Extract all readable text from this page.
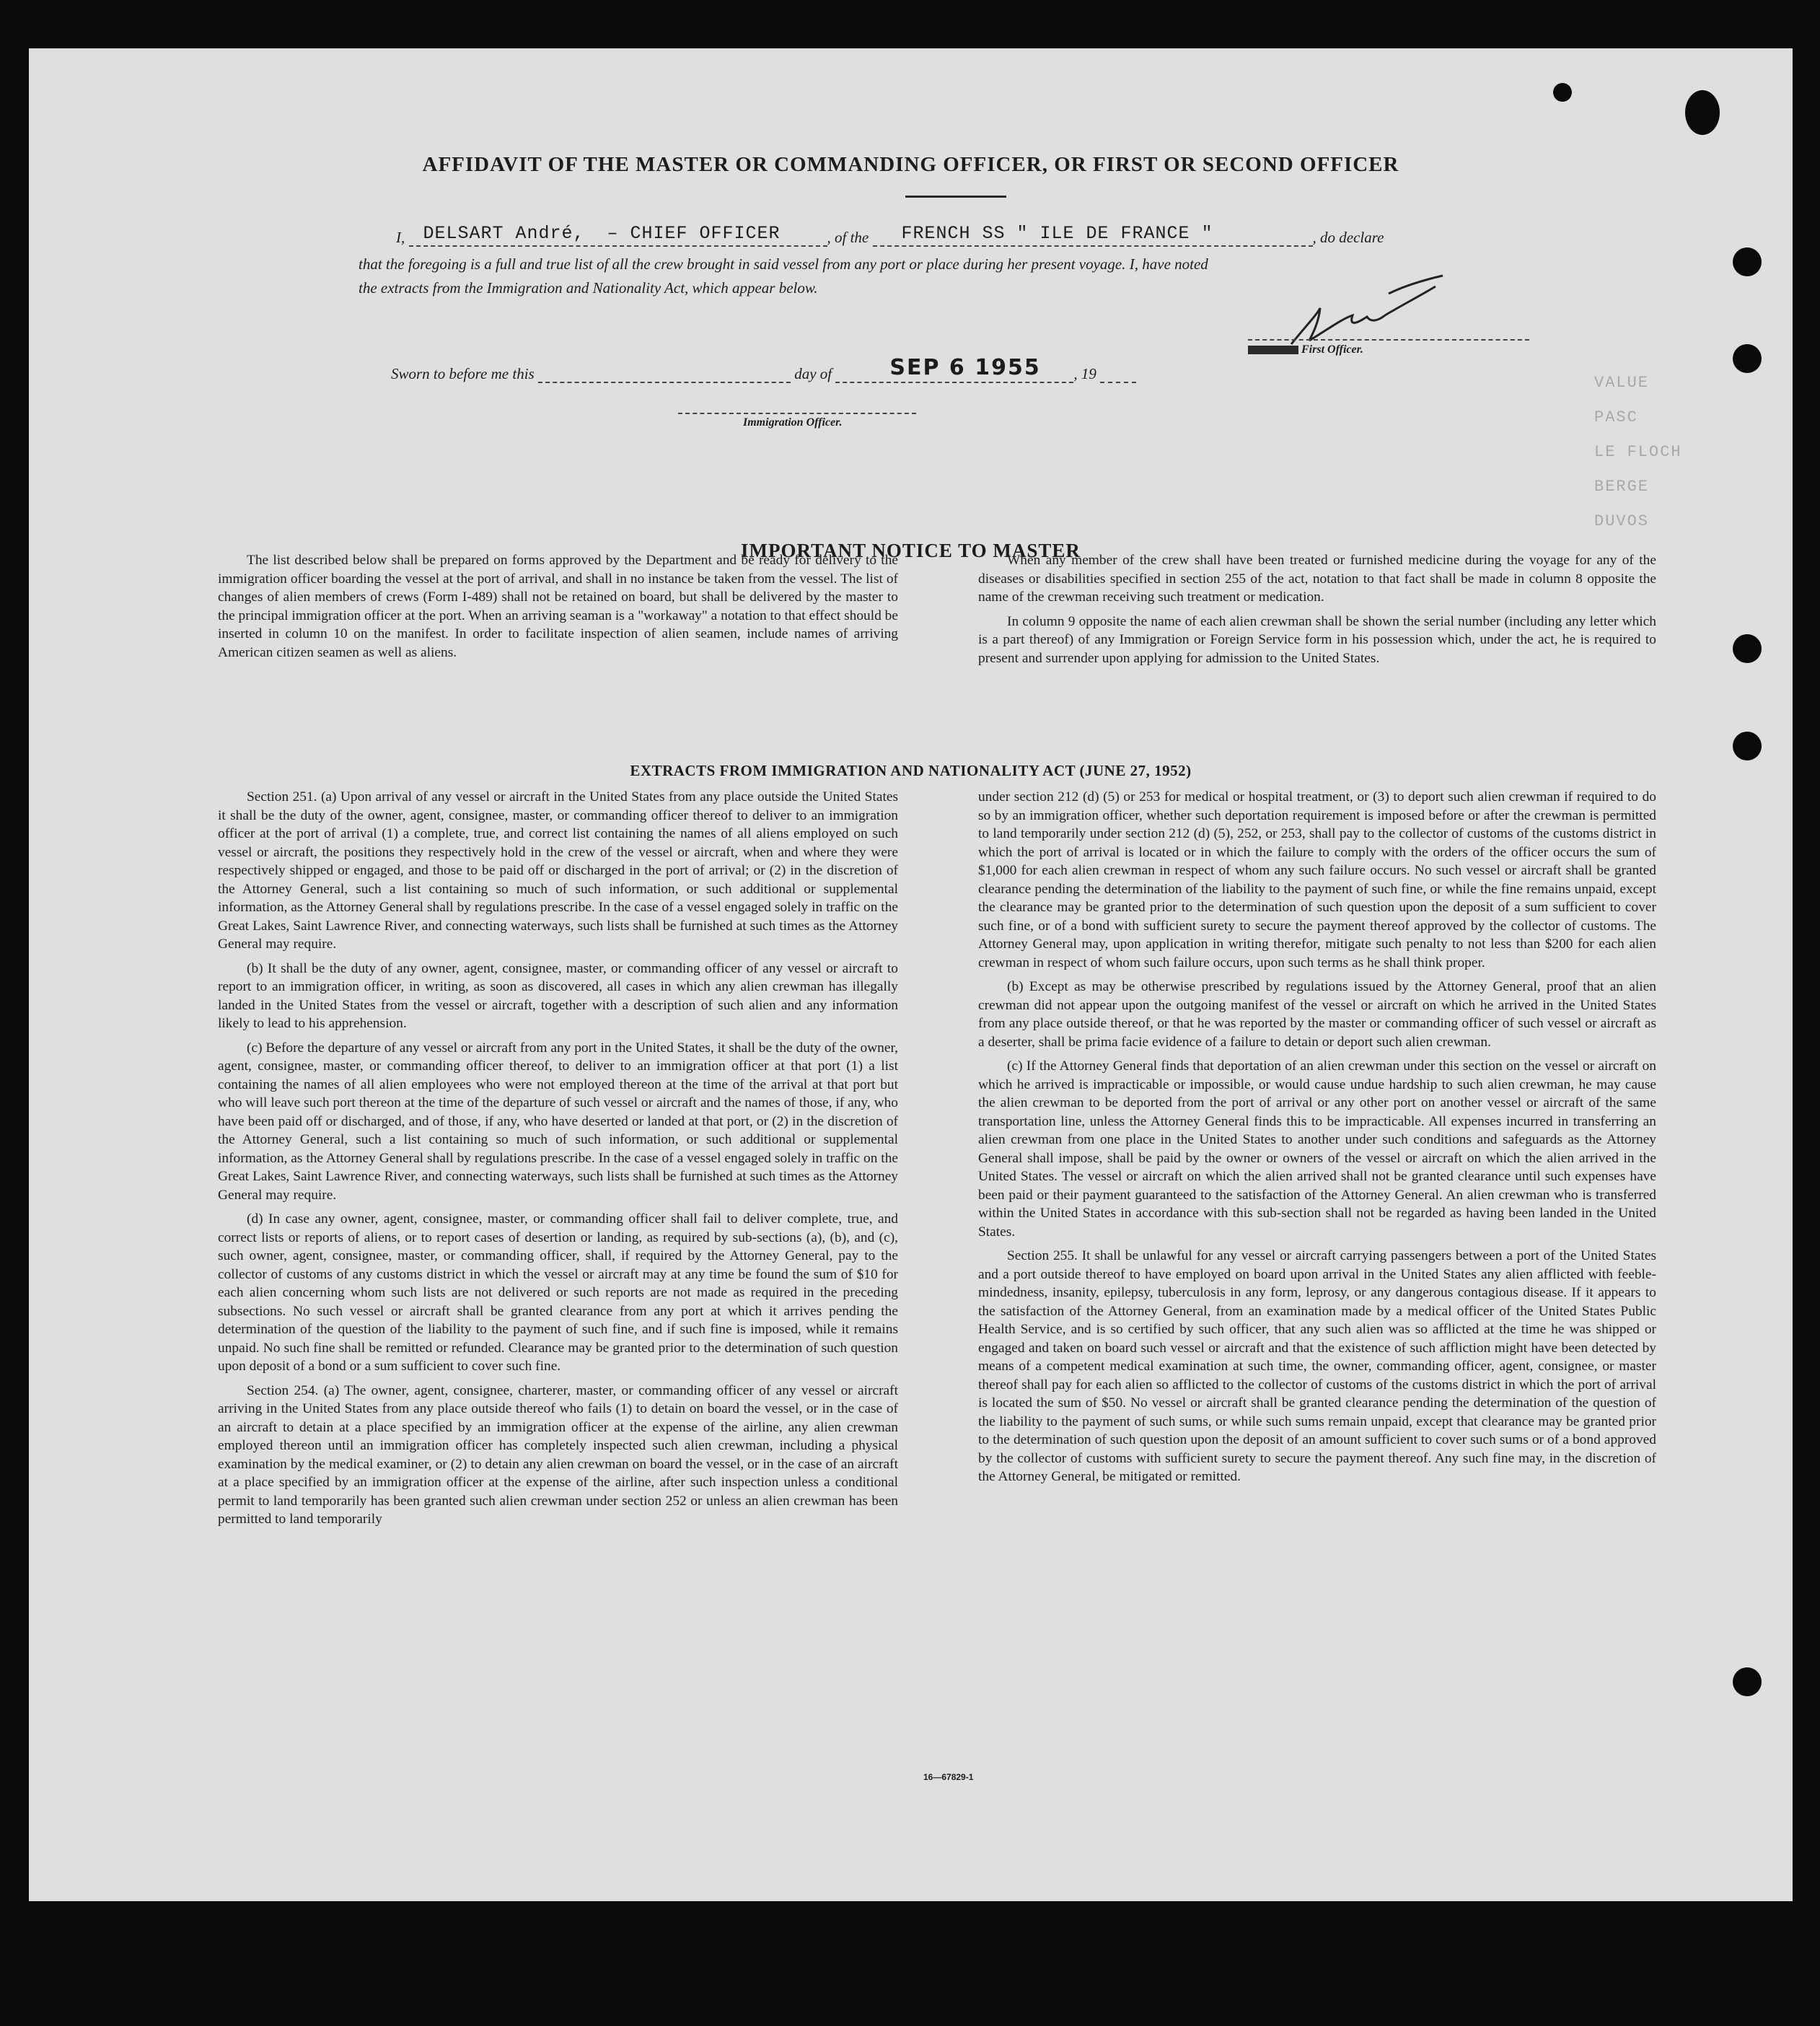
AFFIDAVIT OF THE MASTER OR COMMANDING OFFICER, OR FIRST OR SECOND OFFICER
I, DELSART André, – CHIEF OFFICER	, of the FRENCH SS " ILE DE FRANCE "	, do declare
that the foregoing is a full and true list of all the crew brought in said vessel from any port or place during her present voyage. I, have noted
the extracts from the Immigration and Nationality Act, which appear below.
First Officer.
Sworn to before me this	day of	SEP 6 1955 , 19
Immigration Officer.
VALUE
PASC
LE FLOCH
BERGE
DUVOS
IMPORTANT NOTICE TO MASTER

The list described below shall be prepared on forms approved by the Department and be ready for delivery to the immigration officer boarding the vessel at the port of arrival, and shall in no instance be taken from the vessel. The list of changes of alien members of crews (Form I-489) shall not be retained on board, but shall be delivered by the master to the principal immigration officer at the port. When an arriving seaman is a "workaway" a notation to that effect should be inserted in column 10 on the manifest. In order to facilitate inspection of alien seamen, include names of arriving American citizen seamen as well as aliens.

When any member of the crew shall have been treated or furnished medicine during the voyage for any of the diseases or disabilities specified in section 255 of the act, notation to that fact shall be made in column 8 opposite the name of the crewman receiving such treatment or medication.

In column 9 opposite the name of each alien crewman shall be shown the serial number (including any letter which is a part thereof) of any Immigration or Foreign Service form in his possession which, under the act, he is required to present and surrender upon applying for admission to the United States.

EXTRACTS FROM IMMIGRATION AND NATIONALITY ACT (JUNE 27, 1952)

Section 251. (a) Upon arrival of any vessel or aircraft in the United States from any place outside the United States it shall be the duty of the owner, agent, consignee, master, or commanding officer thereof to deliver to an immigration officer at the port of arrival (1) a complete, true, and correct list containing the names of all aliens employed on such vessel or aircraft, the positions they respectively hold in the crew of the vessel or aircraft, when and where they were respectively shipped or engaged, and those to be paid off or discharged in the port of arrival; or (2) in the discretion of the Attorney General, such a list containing so much of such information, or such additional or supplemental information, as the Attorney General shall by regulations prescribe. In the case of a vessel engaged solely in traffic on the Great Lakes, Saint Lawrence River, and connecting waterways, such lists shall be furnished at such times as the Attorney General may require.

(b) It shall be the duty of any owner, agent, consignee, master, or commanding officer of any vessel or aircraft to report to an immigration officer, in writing, as soon as discovered, all cases in which any alien crewman has illegally landed in the United States from the vessel or aircraft, together with a description of such alien and any information likely to lead to his apprehension.

(c) Before the departure of any vessel or aircraft from any port in the United States, it shall be the duty of the owner, agent, consignee, master, or commanding officer thereof, to deliver to an immigration officer at that port (1) a list containing the names of all alien employees who were not employed thereon at the time of the arrival at that port but who will leave such port thereon at the time of the departure of such vessel or aircraft and the names of those, if any, who have been paid off or discharged, and of those, if any, who have deserted or landed at that port, or (2) in the discretion of the Attorney General, such a list containing so much of such information, or such additional or supplemental information, as the Attorney General shall by regulations prescribe. In the case of a vessel engaged solely in traffic on the Great Lakes, Saint Lawrence River, and connecting waterways, such lists shall be furnished at such times as the Attorney General may require.

(d) In case any owner, agent, consignee, master, or commanding officer shall fail to deliver complete, true, and correct lists or reports of aliens, or to report cases of desertion or landing, as required by sub-sections (a), (b), and (c), such owner, agent, consignee, master, or commanding officer, shall, if required by the Attorney General, pay to the collector of customs of any customs district in which the vessel or aircraft may at any time be found the sum of $10 for each alien concerning whom such lists are not delivered or such reports are not made as required in the preceding subsections. No such vessel or aircraft shall be granted clearance from any port at which it arrives pending the determination of the question of the liability to the payment of such fine, and if such fine is imposed, while it remains unpaid. No such fine shall be remitted or refunded. Clearance may be granted prior to the determination of such question upon deposit of a bond or a sum sufficient to cover such fine.

Section 254. (a) The owner, agent, consignee, charterer, master, or commanding officer of any vessel or aircraft arriving in the United States from any place outside thereof who fails (1) to detain on board the vessel, or in the case of an aircraft to detain at a place specified by an immigration officer at the expense of the airline, any alien crewman employed thereon until an immigration officer has completely inspected such alien crewman, including a physical examination by the medical examiner, or (2) to detain any alien crewman on board the vessel, or in the case of an aircraft at a place specified by an immigration officer at the expense of the airline, after such inspection unless a conditional permit to land temporarily has been granted such alien crewman under section 252 or unless an alien crewman has been permitted to land temporarily

under section 212 (d) (5) or 253 for medical or hospital treatment, or (3) to deport such alien crewman if required to do so by an immigration officer, whether such deportation requirement is imposed before or after the crewman is permitted to land temporarily under section 212 (d) (5), 252, or 253, shall pay to the collector of customs of the customs district in which the port of arrival is located or in which the failure to comply with the orders of the officer occurs the sum of $1,000 for each alien crewman in respect of whom any such failure occurs. No such vessel or aircraft shall be granted clearance pending the determination of the liability to the payment of such fine, or while the fine remains unpaid, except the clearance may be granted prior to the determination of such question upon the deposit of a sum sufficient to cover such fine, or of a bond with sufficient surety to secure the payment thereof approved by the collector of customs. The Attorney General may, upon application in writing therefor, mitigate such penalty to not less than $200 for each alien crewman in respect of whom such failure occurs, upon such terms as he shall think proper.

(b) Except as may be otherwise prescribed by regulations issued by the Attorney General, proof that an alien crewman did not appear upon the outgoing manifest of the vessel or aircraft on which he arrived in the United States from any place outside thereof, or that he was reported by the master or commanding officer of such vessel or aircraft as a deserter, shall be prima facie evidence of a failure to detain or deport such alien crewman.

(c) If the Attorney General finds that deportation of an alien crewman under this section on the vessel or aircraft on which he arrived is impracticable or impossible, or would cause undue hardship to such alien crewman, he may cause the alien crewman to be deported from the port of arrival or any other port on another vessel or aircraft of the same transportation line, unless the Attorney General finds this to be impracticable. All expenses incurred in transferring an alien crewman from one place in the United States to another under such conditions and safeguards as the Attorney General shall impose, shall be paid by the owner or owners of the vessel or aircraft on which the alien arrived in the United States. The vessel or aircraft on which the alien arrived shall not be granted clearance until such expenses have been paid or their payment guaranteed to the satisfaction of the Attorney General. An alien crewman who is transferred within the United States in accordance with this sub-section shall not be regarded as having been landed in the United States.

Section 255. It shall be unlawful for any vessel or aircraft carrying passengers between a port of the United States and a port outside thereof to have employed on board upon arrival in the United States any alien afflicted with feeble-mindedness, insanity, epilepsy, tuberculosis in any form, leprosy, or any dangerous contagious disease. If it appears to the satisfaction of the Attorney General, from an examination made by a medical officer of the United States Public Health Service, and is so certified by such officer, that any such alien was so afflicted at the time he was shipped or engaged and taken on board such vessel or aircraft and that the existence of such affliction might have been detected by means of a competent medical examination at such time, the owner, commanding officer, agent, consignee, or master thereof shall pay for each alien so afflicted to the collector of customs of the customs district in which the port of arrival is located the sum of $50. No vessel or aircraft shall be granted clearance pending the determination of the question of the liability to the payment of such sums, or while such sums remain unpaid, except that clearance may be granted prior to the determination of such question upon the deposit of an amount sufficient to cover such sums or of a bond approved by the collector of customs with sufficient surety to secure the payment thereof. Any such fine may, in the discretion of the Attorney General, be mitigated or remitted.

16—67829-1
